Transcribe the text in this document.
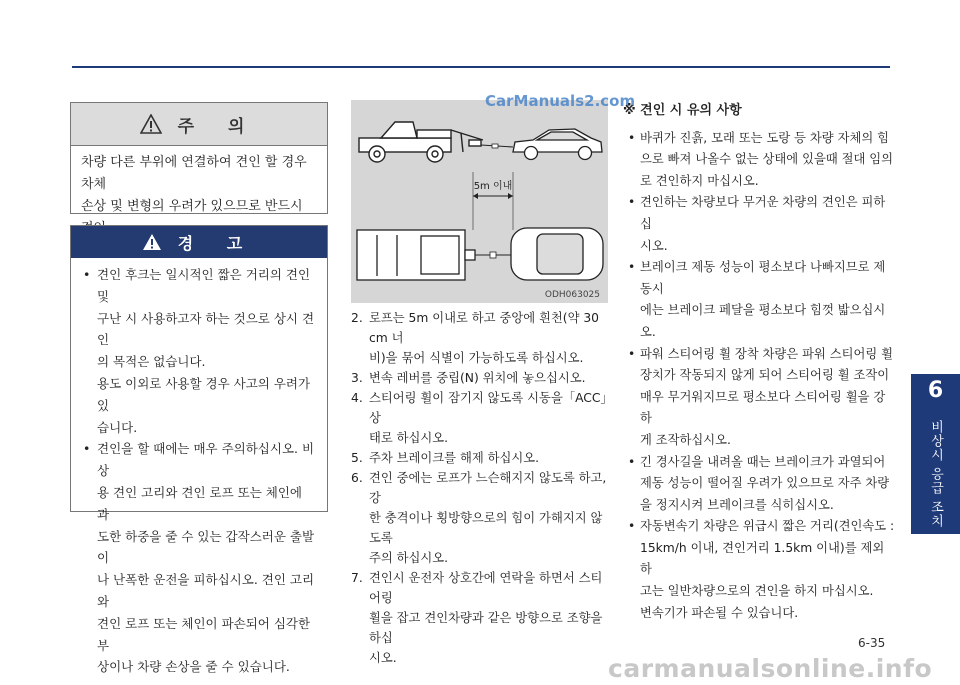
주 의
차량 다른 부위에 연결하여 견인 할 경우 차체
손상 및 변형의 우려가 있으므로 반드시
경 고
• 견인 후크는 일시적인 짧은 거리의 견인 및
구난 시 사용하고자 하는 것으로 상시 견인
의 목적은 없습니다.
용도 이외로 사용할 경우 사고의 우려가 있
습니다.
• 견인을 할 때에는 매우 주의하십시오. 비상
용 견인 고리와 견인 로프 또는 체인에 과
도한 하중을 줄 수 있는 갑작스러운 출발이
나 난폭한 운전을 피하십시오. 견인 고리와
견인 로프 또는 체인이 파손되어 심각한 부
상이나 차량 손상을 줄 수 있습니다.
5m 이내
ODH063025
CarManuals2.com
2. 로프는 5m 이내로 하고 중앙에 흰천(약 30 cm 너
비)을 묶어 식별이 가능하도록 하십시오.
3. 변속 레버를 중립(N) 위치에 놓으십시오.
4. 스티어링 휠이 잠기지 않도록 시동을「ACC」상
태로 하십시오.
5. 주차 브레이크를 해제 하십시오.
6. 견인 중에는 로프가 느슨해지지 않도록 하고, 강
한 충격이나 횡방향으로의 힘이 가해지지 않도록
주의 하십시오.
7. 견인시 운전자 상호간에 연락을 하면서 스티어링
휠을 잡고 견인차량과 같은 방향으로 조향을 하십
시오.
※ 견인 시 유의 사항
• 바퀴가 진흙, 모래 또는 도랑 등 차량 자체의 힘
으로 빠져 나올수 없는 상태에 있을때 절대 임의
로 견인하지 마십시오.
• 견인하는 차량보다 무거운 차량의 견인은 피하십
시오.
• 브레이크 제동 성능이 평소보다 나빠지므로 제동시
에는 브레이크 페달을 평소보다 힘껏 밟으십시오.
• 파워 스티어링 휠 장착 차량은 파워 스티어링 휠
장치가 작동되지 않게 되어 스티어링 휠 조작이
매우 무거워지므로 평소보다 스티어링 휠을 강하
게 조작하십시오.
• 긴 경사길을 내려올 때는 브레이크가 과열되어
제동 성능이 떨어질 우려가 있으므로 자주 차량
을 정지시켜 브레이크를 식히십시오.
• 자동변속기 차량은 위급시 짧은 거리(견인속도 :
15km/h 이내, 견인거리 1.5km 이내)를 제외하
고는 일반차량으로의 견인을 하지 마십시오.
변속기가 파손될 수 있습니다.
6
비상시 응급 조치
6-35
carmanualsonline.info
